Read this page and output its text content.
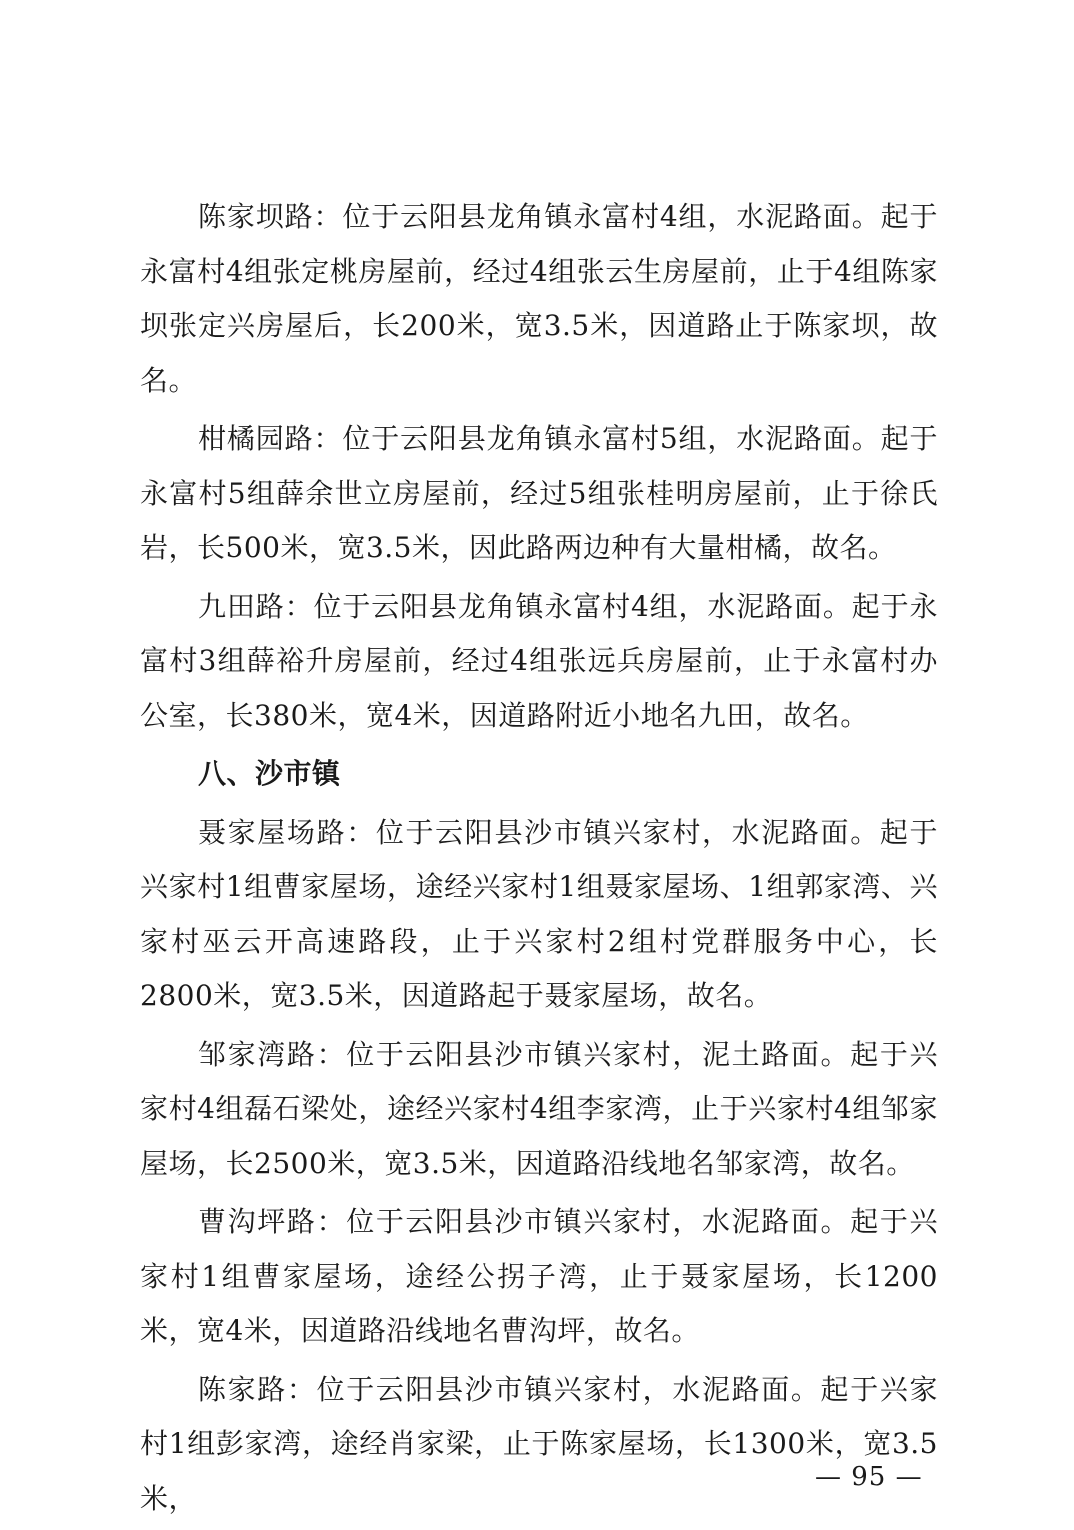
陈家坝路：位于云阳县龙角镇永富村4组，水泥路面。起于永富村4组张定桃房屋前，经过4组张云生房屋前，止于4组陈家坝张定兴房屋后，长200米，宽3.5米，因道路止于陈家坝，故名。

柑橘园路：位于云阳县龙角镇永富村5组，水泥路面。起于永富村5组薛余世立房屋前，经过5组张桂明房屋前，止于徐氏岩，长500米，宽3.5米，因此路两边种有大量柑橘，故名。

九田路：位于云阳县龙角镇永富村4组，水泥路面。起于永富村3组薛裕升房屋前，经过4组张远兵房屋前，止于永富村办公室，长380米，宽4米，因道路附近小地名九田，故名。

八、沙市镇

聂家屋场路：位于云阳县沙市镇兴家村，水泥路面。起于兴家村1组曹家屋场，途经兴家村1组聂家屋场、1组郭家湾、兴家村巫云开高速路段，止于兴家村2组村党群服务中心，长2800米，宽3.5米，因道路起于聂家屋场，故名。

邹家湾路：位于云阳县沙市镇兴家村，泥土路面。起于兴家村4组磊石梁处，途经兴家村4组李家湾，止于兴家村4组邹家屋场，长2500米，宽3.5米，因道路沿线地名邹家湾，故名。

曹沟坪路：位于云阳县沙市镇兴家村，水泥路面。起于兴家村1组曹家屋场，途经公拐子湾，止于聂家屋场，长1200米，宽4米，因道路沿线地名曹沟坪，故名。

陈家路：位于云阳县沙市镇兴家村，水泥路面。起于兴家村1组彭家湾，途经肖家梁，止于陈家屋场，长1300米，宽3.5米，

— 95 —
